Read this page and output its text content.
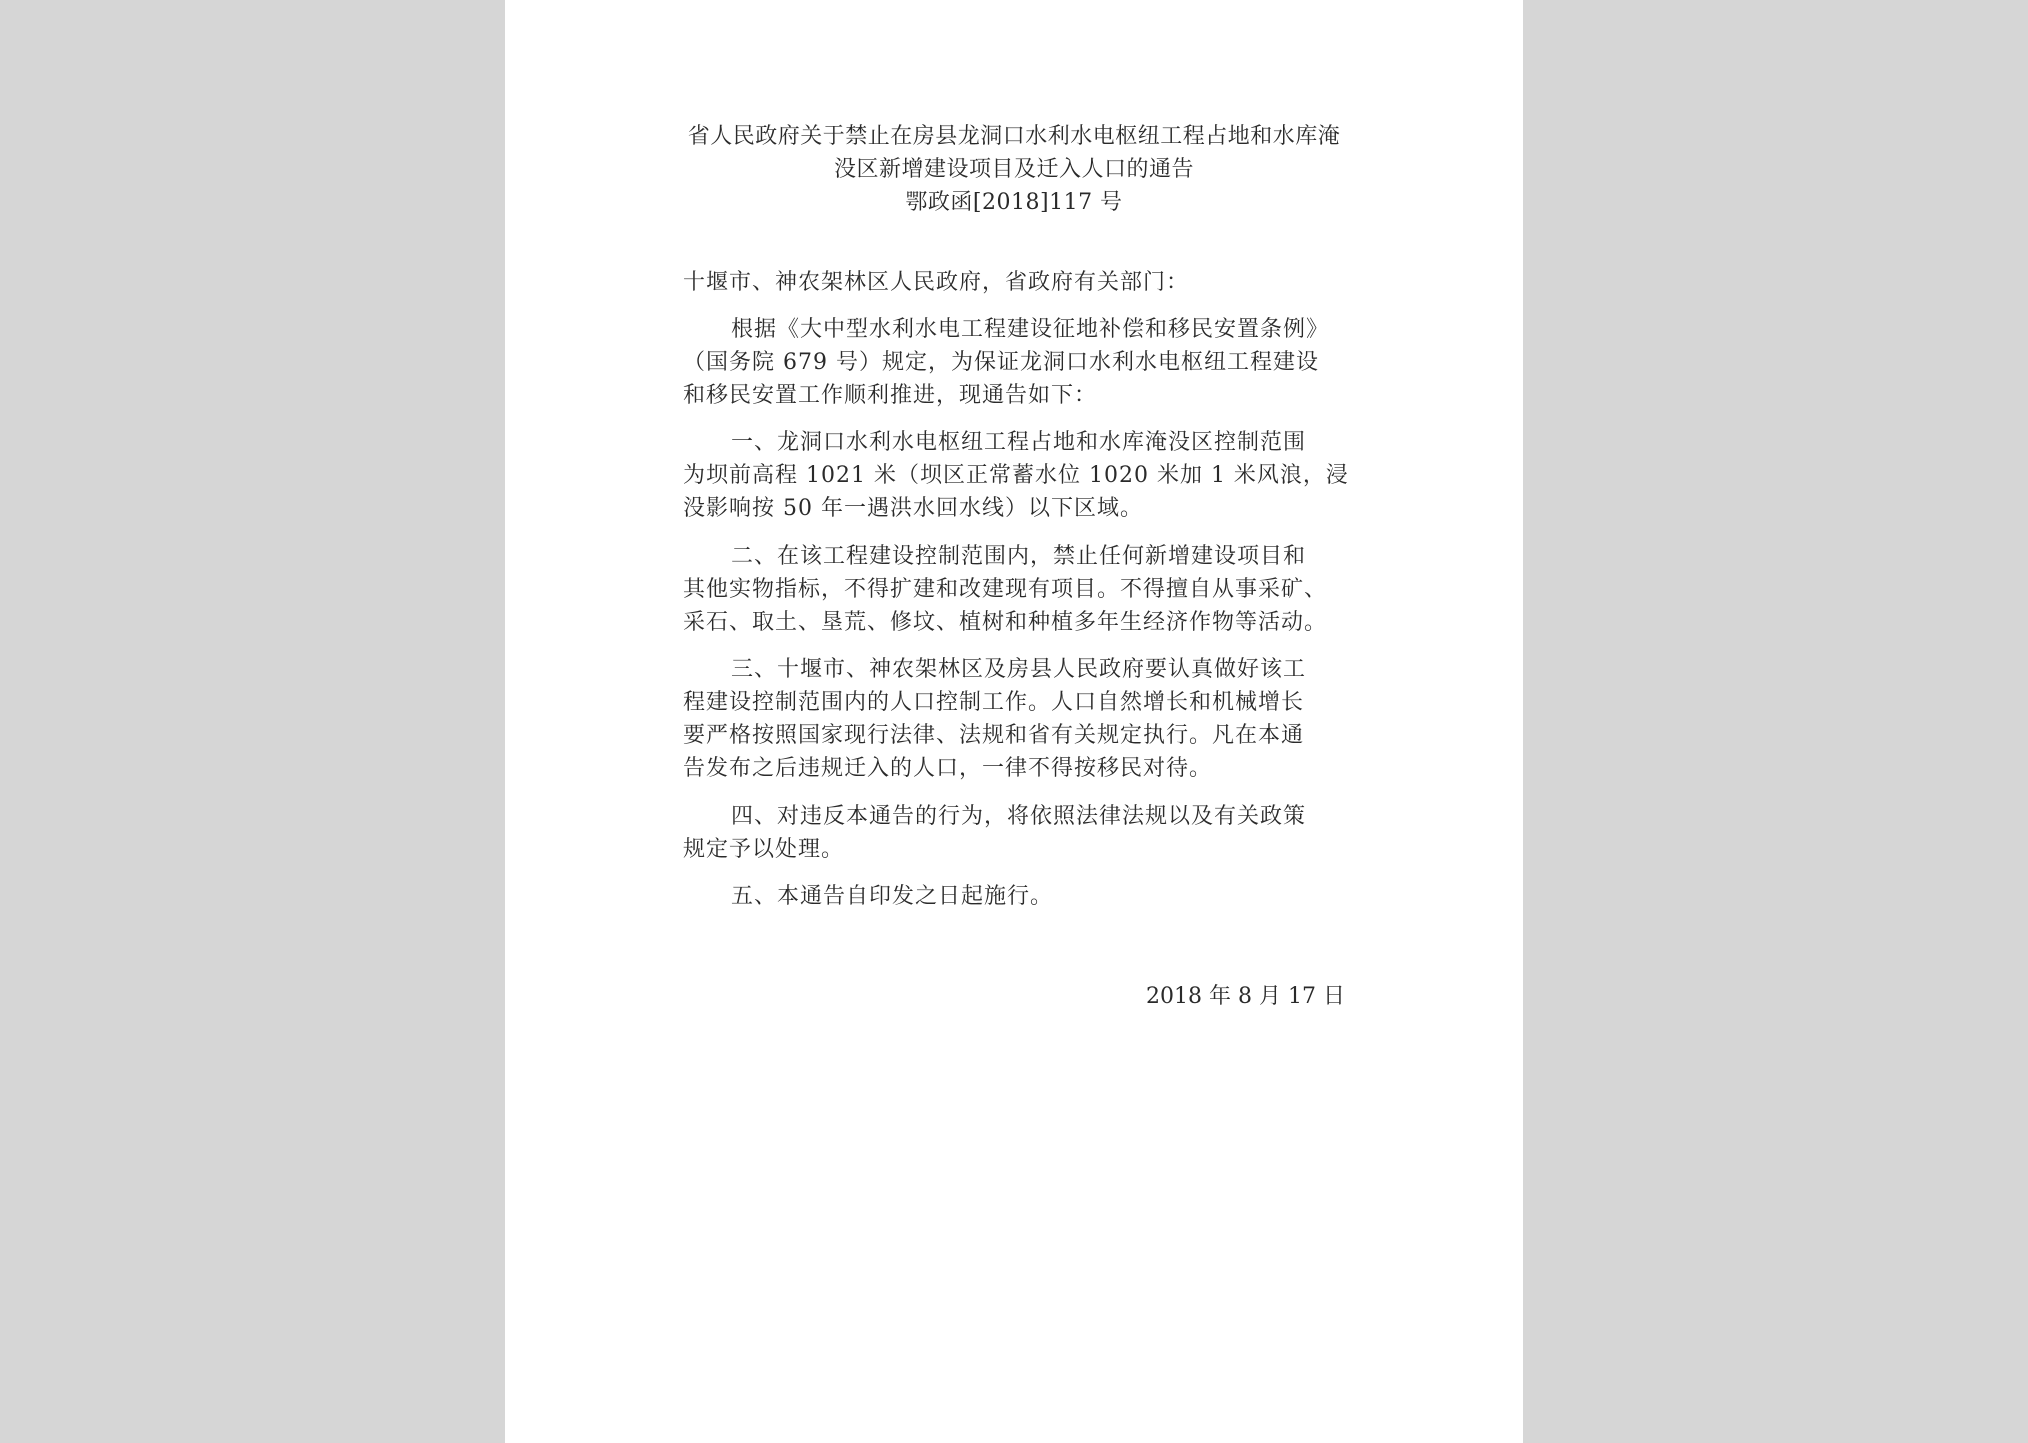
省人民政府关于禁止在房县龙洞口水利水电枢纽工程占地和水库淹
没区新增建设项目及迁入人口的通告
鄂政函[2018]117 号
十堰市、神农架林区人民政府，省政府有关部门：
根据《大中型水利水电工程建设征地补偿和移民安置条例》
（国务院 679 号）规定，为保证龙洞口水利水电枢纽工程建设
和移民安置工作顺利推进，现通告如下：
一、龙洞口水利水电枢纽工程占地和水库淹没区控制范围
为坝前高程 1021 米（坝区正常蓄水位 1020 米加 1 米风浪，浸
没影响按 50 年一遇洪水回水线）以下区域。
二、在该工程建设控制范围内，禁止任何新增建设项目和
其他实物指标，不得扩建和改建现有项目。不得擅自从事采矿、
采石、取土、垦荒、修坟、植树和种植多年生经济作物等活动。
三、十堰市、神农架林区及房县人民政府要认真做好该工
程建设控制范围内的人口控制工作。人口自然增长和机械增长
要严格按照国家现行法律、法规和省有关规定执行。凡在本通
告发布之后违规迁入的人口，一律不得按移民对待。
四、对违反本通告的行为，将依照法律法规以及有关政策
规定予以处理。
五、本通告自印发之日起施行。
2018 年 8 月 17 日
